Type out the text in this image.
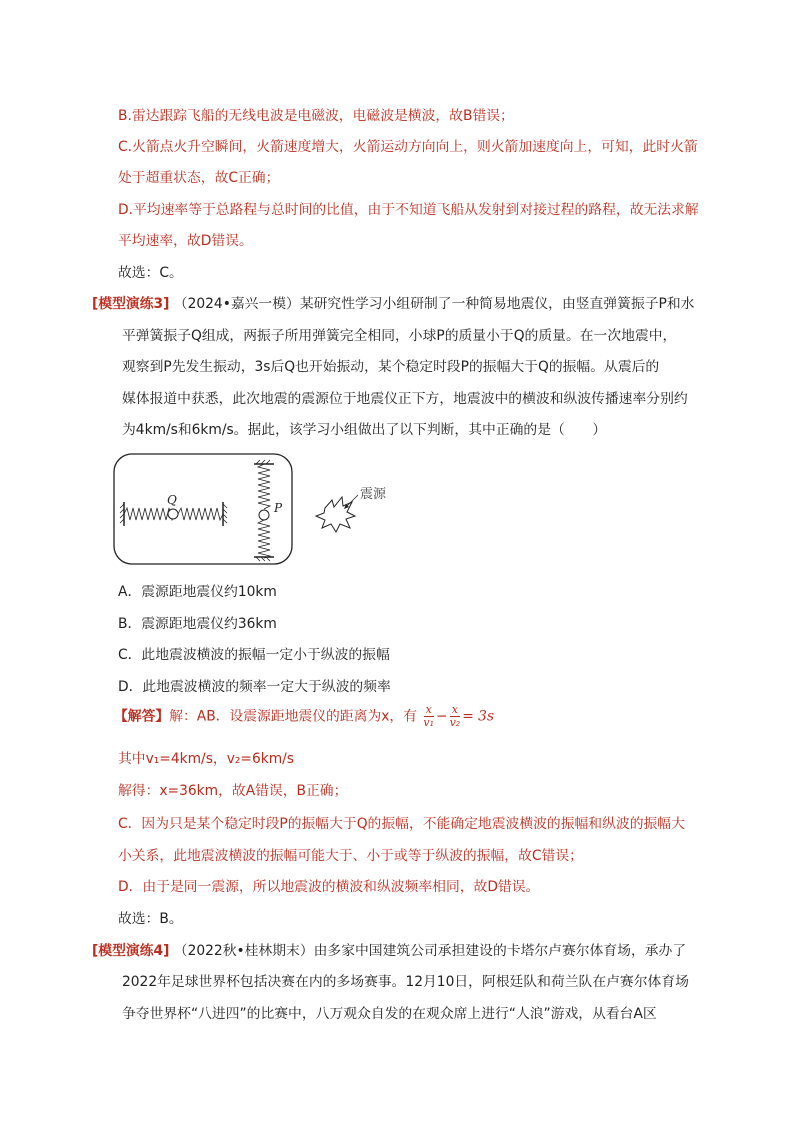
B.雷达跟踪飞船的无线电波是电磁波，电磁波是横波，故B错误；
C.火箭点火升空瞬间，火箭速度增大，火箭运动方向向上，则火箭加速度向上，可知，此时火箭
处于超重状态，故C正确；
D.平均速率等于总路程与总时间的比值，由于不知道飞船从发射到对接过程的路程，故无法求解
平均速率，故D错误。
故选：C。
[模型演练3] （2024•嘉兴一模）某研究性学习小组研制了一种简易地震仪，由竖直弹簧振子P和水
平弹簧振子Q组成，两振子所用弹簧完全相同，小球P的质量小于Q的质量。在一次地震中，
观察到P先发生振动，3s后Q也开始振动，某个稳定时段P的振幅大于Q的振幅。从震后的
媒体报道中获悉，此次地震的震源位于地震仪正下方，地震波中的横波和纵波传播速率分别约
为4km/s和6km/s。据此，该学习小组做出了以下判断，其中正确的是（　　）
Q
P
震源
A．震源距地震仪约10km
B．震源距地震仪约36km
C．此地震波横波的振幅一定小于纵波的振幅
D．此地震波横波的频率一定大于纵波的频率
【解答】解：AB．设震源距地震仪的距离为x，有 $\frac{x}{\text{v₁}} - \frac{x}{\text{v₂}} = 3s$
其中v₁=4km/s，v₂=6km/s
解得：x=36km，故A错误，B正确；
C．因为只是某个稳定时段P的振幅大于Q的振幅，不能确定地震波横波的振幅和纵波的振幅大
小关系，此地震波横波的振幅可能大于、小于或等于纵波的振幅，故C错误；
D．由于是同一震源，所以地震波的横波和纵波频率相同，故D错误。
故选：B。
[模型演练4] （2022秋•桂林期末）由多家中国建筑公司承担建设的卡塔尔卢赛尔体育场，承办了
2022年足球世界杯包括决赛在内的多场赛事。12月10日，阿根廷队和荷兰队在卢赛尔体育场
争夺世界杯“八进四”的比赛中，八万观众自发的在观众席上进行“人浪”游戏，从看台A区
